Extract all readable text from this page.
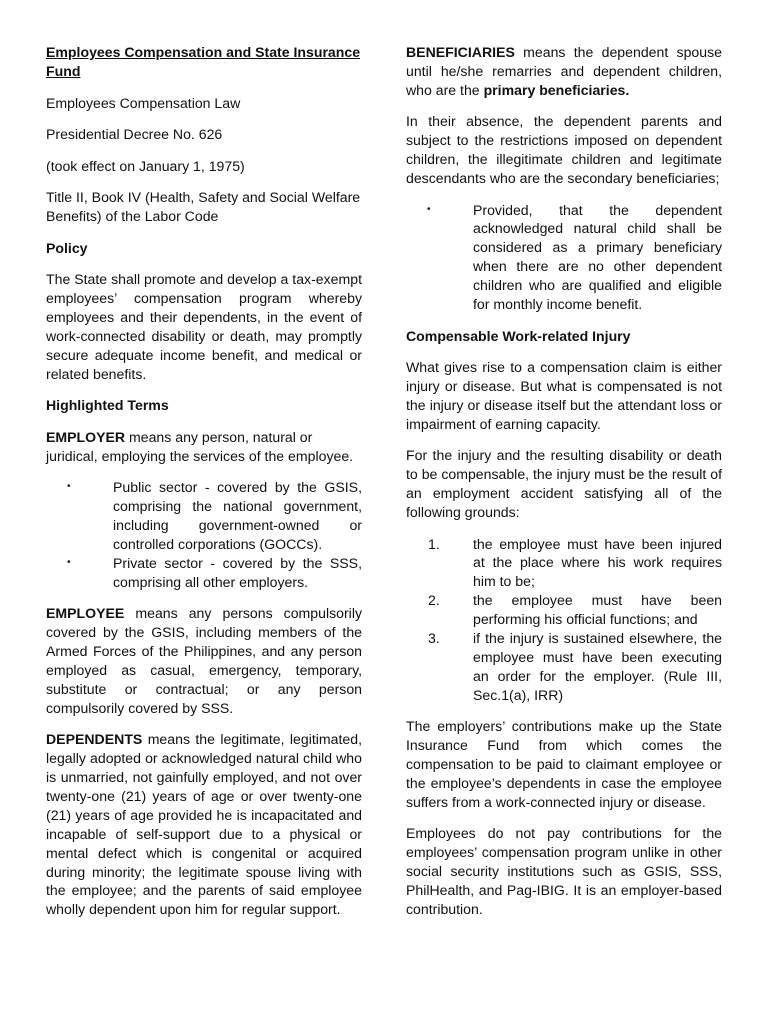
Employees Compensation and State Insurance Fund

Employees Compensation Law

Presidential Decree No. 626

(took effect on January 1, 1975)

Title II, Book IV (Health, Safety and Social Welfare Benefits) of the Labor Code

Policy

The State shall promote and develop a tax-exempt employees’ compensation program whereby employees and their dependents, in the event of work-connected disability or death, may promptly secure adequate income benefit, and medical or related benefits.

Highlighted Terms

EMPLOYER means any person, natural or juridical, employing the services of the employee.

•	Public sector - covered by the GSIS, comprising the national government, including government-owned or controlled corporations (GOCCs).
•	Private sector - covered by the SSS, comprising all other employers.

EMPLOYEE means any persons compulsorily covered by the GSIS, including members of the Armed Forces of the Philippines, and any person employed as casual, emergency, temporary, substitute or contractual; or any person compulsorily covered by SSS.

DEPENDENTS means the legitimate, legitimated, legally adopted or acknowledged natural child who is unmarried, not gainfully employed, and not over twenty-one (21) years of age or over twenty-one (21) years of age provided he is incapacitated and incapable of self-support due to a physical or mental defect which is congenital or acquired during minority; the legitimate spouse living with the employee; and the parents of said employee wholly dependent upon him for regular support.

BENEFICIARIES means the dependent spouse until he/she remarries and dependent children, who are the primary beneficiaries.

In their absence, the dependent parents and subject to the restrictions imposed on dependent children, the illegitimate children and legitimate descendants who are the secondary beneficiaries;

•	Provided, that the dependent acknowledged natural child shall be considered as a primary beneficiary when there are no other dependent children who are qualified and eligible for monthly income benefit.

Compensable Work-related Injury

What gives rise to a compensation claim is either injury or disease. But what is compensated is not the injury or disease itself but the attendant loss or impairment of earning capacity.

For the injury and the resulting disability or death to be compensable, the injury must be the result of an employment accident satisfying all of the following grounds:

1. the employee must have been injured at the place where his work requires him to be;
2. the employee must have been performing his official functions; and
3. if the injury is sustained elsewhere, the employee must have been executing an order for the employer. (Rule III, Sec.1(a), IRR)

The employers’ contributions make up the State Insurance Fund from which comes the compensation to be paid to claimant employee or the employee’s dependents in case the employee suffers from a work-connected injury or disease.

Employees do not pay contributions for the employees’ compensation program unlike in other social security institutions such as GSIS, SSS, PhilHealth, and Pag-IBIG. It is an employer-based contribution.
